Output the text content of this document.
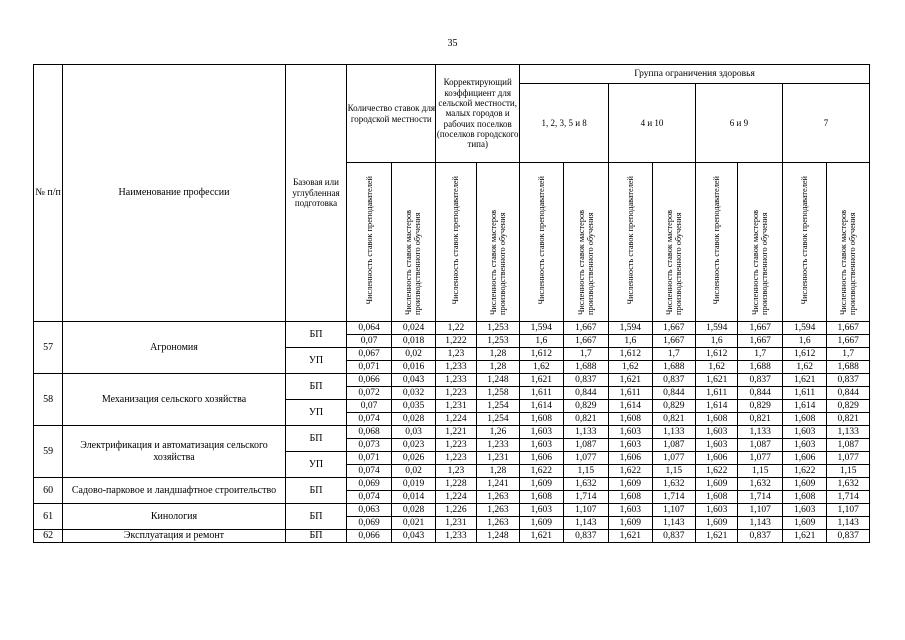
35
№ п/п	Наименование профессии	Базовая или углубленная подготовка	Количество ставок для городской местности		Корректирующий коэффициент для сельской местности, малых городов и рабочих поселков (поселков городского типа)		Группа ограничения здоровья							
							1, 2, 3, 5 и 8		4 и 10		6 и 9		7	
			Численность ставок преподавателей	Численность ставок мастеров производственного обучения	Численность ставок преподавателей	Численность ставок мастеров производственного обучения	Численность ставок преподавателей	Численность ставок мастеров производственного обучения	Численность ставок преподавателей	Численность ставок мастеров производственного обучения	Численность ставок преподавателей	Численность ставок мастеров производственного обучения	Численность ставок преподавателей	Численность ставок мастеров производственного обучения
57	Агрономия	БП	0,064	0,024	1,22	1,253	1,594	1,667	1,594	1,667	1,594	1,667	1,594	1,667
			0,07	0,018	1,222	1,253	1,6	1,667	1,6	1,667	1,6	1,667	1,6	1,667
		УП	0,067	0,02	1,23	1,28	1,612	1,7	1,612	1,7	1,612	1,7	1,612	1,7
			0,071	0,016	1,233	1,28	1,62	1,688	1,62	1,688	1,62	1,688	1,62	1,688
58	Механизация сельского хозяйства	БП	0,066	0,043	1,233	1,248	1,621	0,837	1,621	0,837	1,621	0,837	1,621	0,837
			0,072	0,032	1,223	1,258	1,611	0,844	1,611	0,844	1,611	0,844	1,611	0,844
		УП	0,07	0,035	1,231	1,254	1,614	0,829	1,614	0,829	1,614	0,829	1,614	0,829
			0,074	0,028	1,224	1,254	1,608	0,821	1,608	0,821	1,608	0,821	1,608	0,821
59	Электрификация и автоматизация сельского хозяйства	БП	0,068	0,03	1,221	1,26	1,603	1,133	1,603	1,133	1,603	1,133	1,603	1,133
			0,073	0,023	1,223	1,233	1,603	1,087	1,603	1,087	1,603	1,087	1,603	1,087
		УП	0,071	0,026	1,223	1,231	1,606	1,077	1,606	1,077	1,606	1,077	1,606	1,077
			0,074	0,02	1,23	1,28	1,622	1,15	1,622	1,15	1,622	1,15	1,622	1,15
60	Садово-парковое и ландшафтное строительство	БП	0,069	0,019	1,228	1,241	1,609	1,632	1,609	1,632	1,609	1,632	1,609	1,632
			0,074	0,014	1,224	1,263	1,608	1,714	1,608	1,714	1,608	1,714	1,608	1,714
61	Кинология	БП	0,063	0,028	1,226	1,263	1,603	1,107	1,603	1,107	1,603	1,107	1,603	1,107
			0,069	0,021	1,231	1,263	1,609	1,143	1,609	1,143	1,609	1,143	1,609	1,143
62	Эксплуатация и ремонт	БП	0,066	0,043	1,233	1,248	1,621	0,837	1,621	0,837	1,621	0,837	1,621	0,837
